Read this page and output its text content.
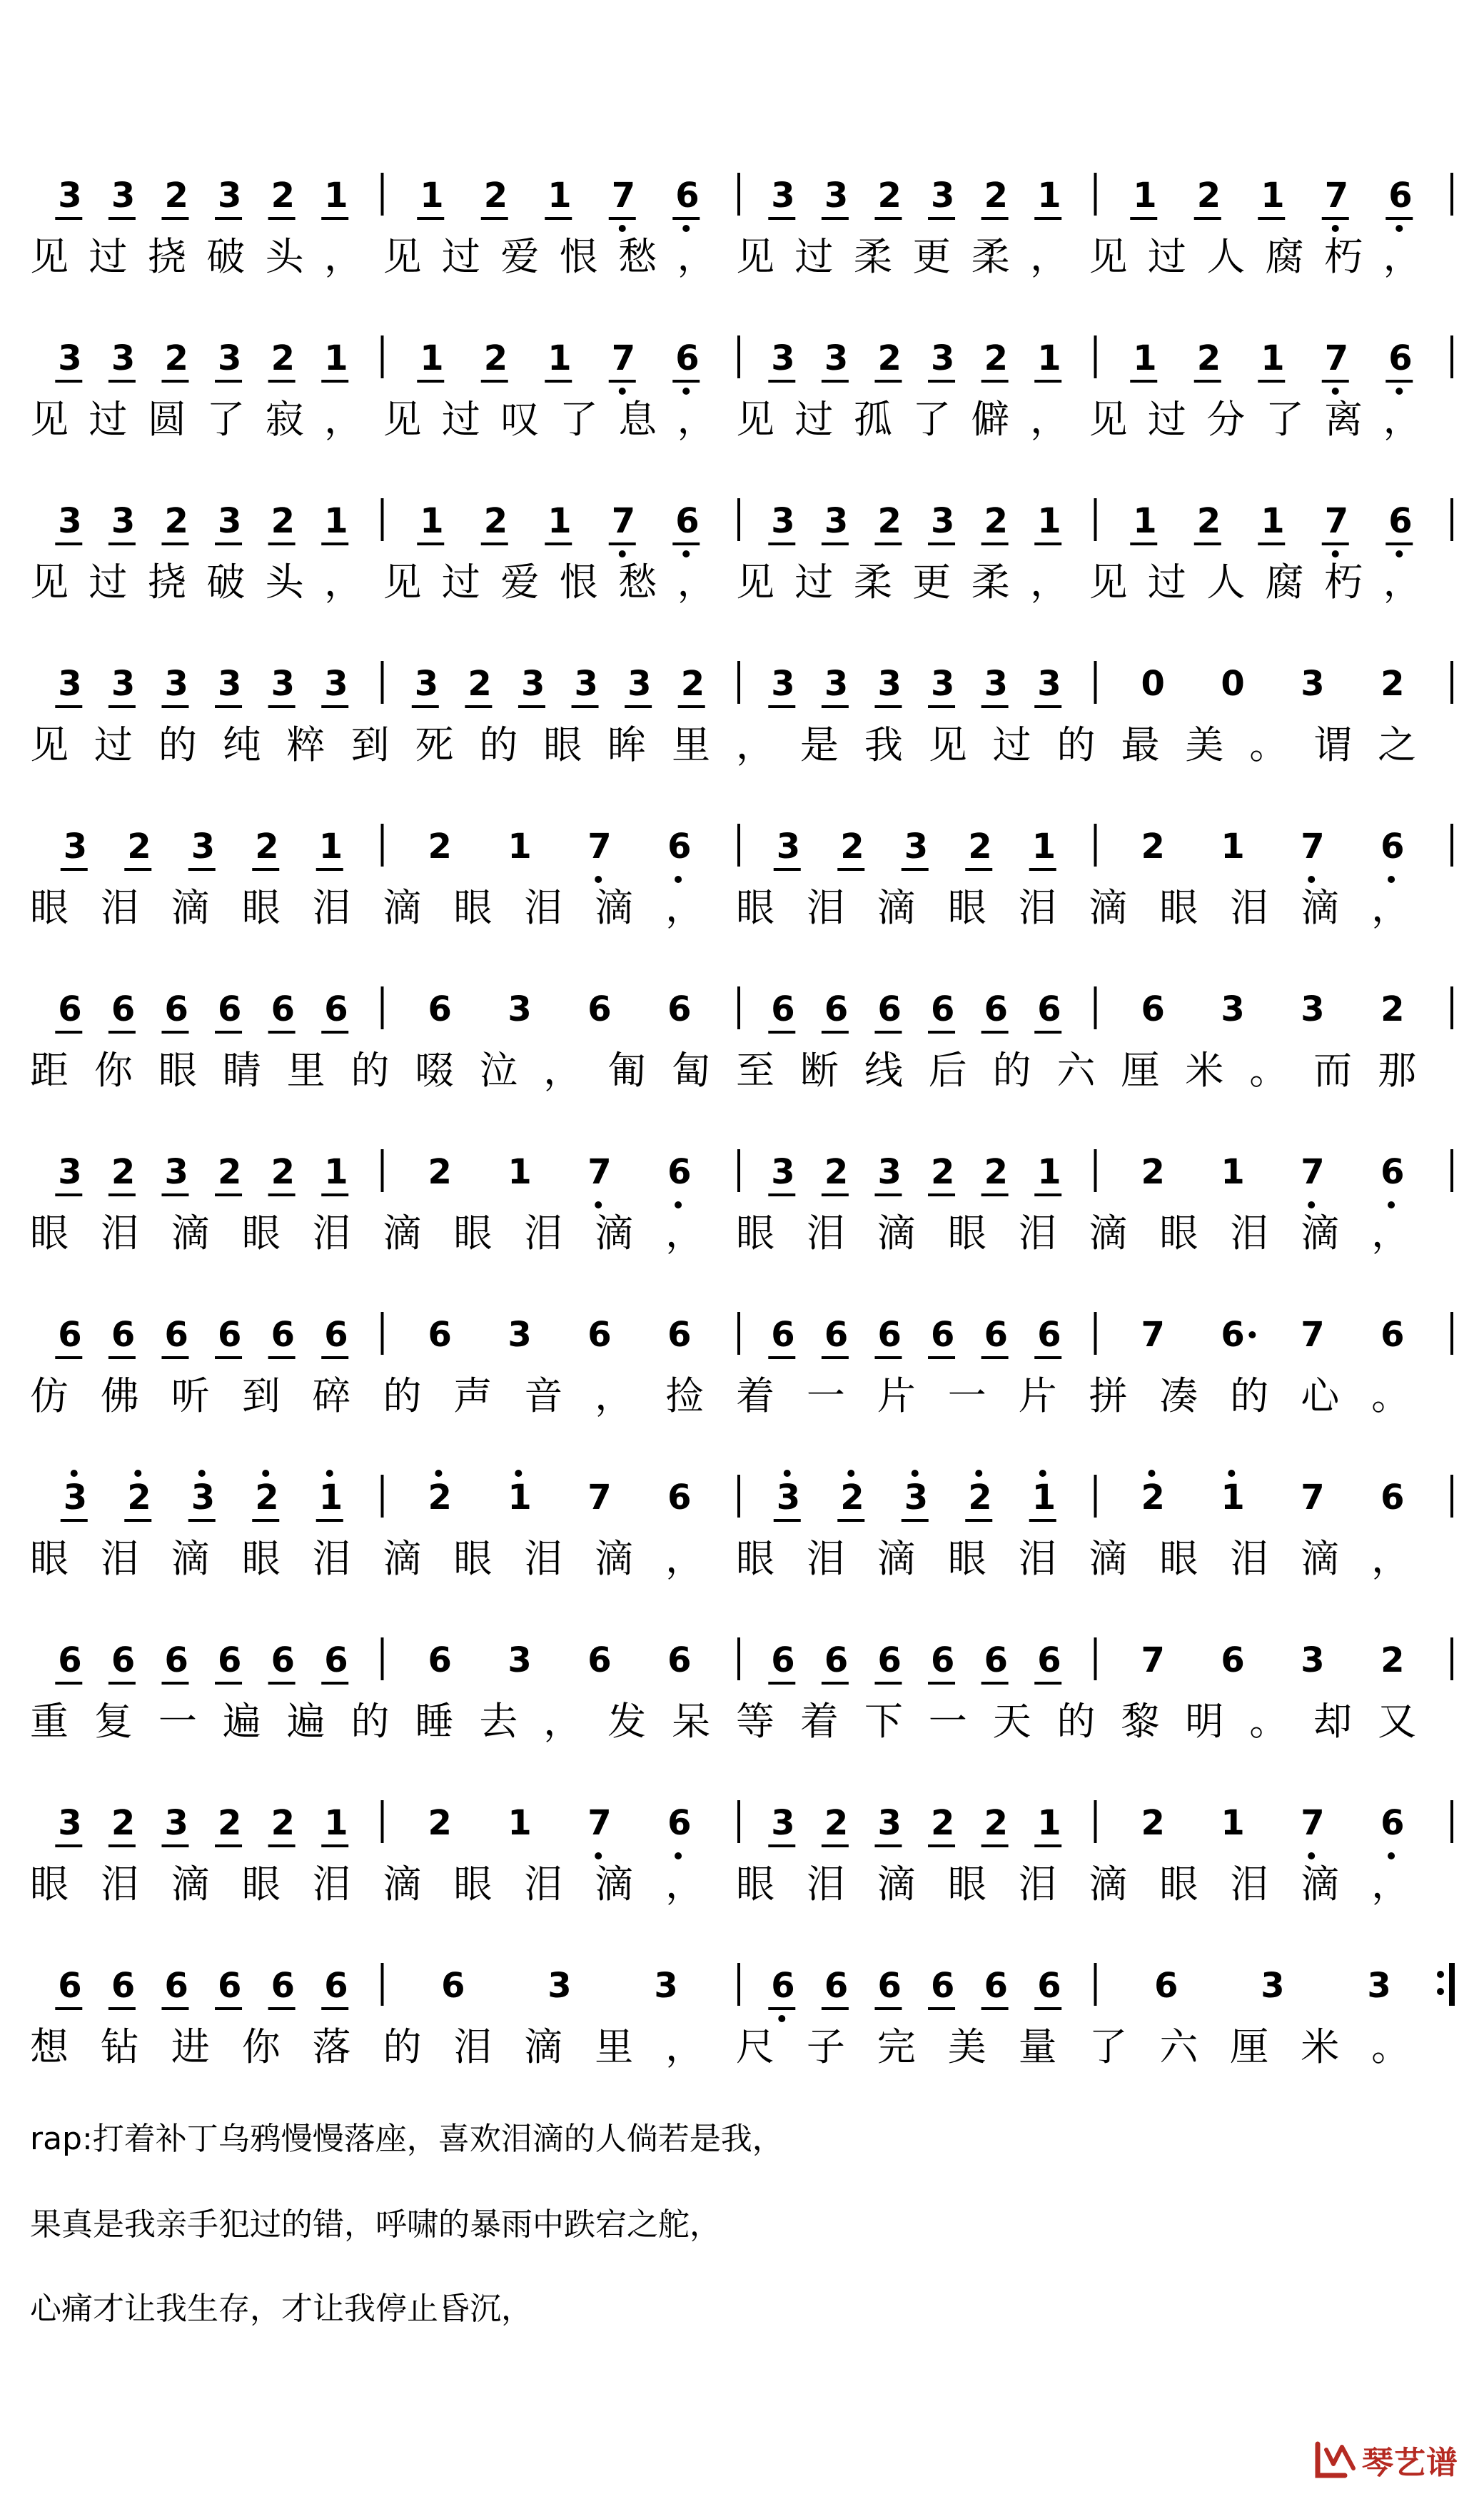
3 3 2 3 2 1 1 2 1 7 6 3 3 2 3 2 1 1 2 1 7 6
见 过 挠 破 头 ， 见 过 爱 恨 愁 ， 见 过 柔 更 柔 ， 见 过 人 腐 朽 ，
3 3 2 3 2 1 1 2 1 7 6 3 3 2 3 2 1 1 2 1 7 6
见 过 圆 了 寂 ， 见 过 叹 了 息 ， 见 过 孤 了 僻 ， 见 过 分 了 离 ，
3 3 2 3 2 1 1 2 1 7 6 3 3 2 3 2 1 1 2 1 7 6
见 过 挠 破 头 ， 见 过 爱 恨 愁 ， 见 过 柔 更 柔 ， 见 过 人 腐 朽 ，
3 3 3 3 3 3 3 2 3 3 3 2 3 3 3 3 3 3 0 0 3 2
见 过 的 纯 粹 到 死 的 眼 眸 里 ， 是 我 见 过 的 最 美 。 谓 之
3 2 3 2 1 2 1 7 6 3 2 3 2 1 2 1 7 6
眼 泪 滴 眼 泪 滴 眼 泪 滴 ， 眼 泪 滴 眼 泪 滴 眼 泪 滴 ，
6 6 6 6 6 6 6 3 6 6 6 6 6 6 6 6 6 3 3 2
距 你 眼 睛 里 的 啜 泣 ， 匍 匐 至 断 线 后 的 六 厘 米 。 而 那
3 2 3 2 2 1 2 1 7 6 3 2 3 2 2 1 2 1 7 6
眼 泪 滴 眼 泪 滴 眼 泪 滴 ， 眼 泪 滴 眼 泪 滴 眼 泪 滴 ，
6 6 6 6 6 6 6 3 6 6 6 6 6 6 6 6 7 6 7 6
仿 佛 听 到 碎 的 声 音 ， 捡 着 一 片 一 片 拼 凑 的 心 。
3 2 3 2 1 2 1 7 6 3 2 3 2 1 2 1 7 6
眼 泪 滴 眼 泪 滴 眼 泪 滴 ， 眼 泪 滴 眼 泪 滴 眼 泪 滴 ，
6 6 6 6 6 6 6 3 6 6 6 6 6 6 6 6 7 6 3 2
重 复 一 遍 遍 的 睡 去 ， 发 呆 等 着 下 一 天 的 黎 明 。 却 又
3 2 3 2 2 1 2 1 7 6 3 2 3 2 2 1 2 1 7 6
眼 泪 滴 眼 泪 滴 眼 泪 滴 ， 眼 泪 滴 眼 泪 滴 眼 泪 滴 ，
6 6 6 6 6 6	6 3 3	6 6 6 6 6 6	6 3 3
想 钻 进 你 落 的 泪 滴 里 ， 尺 子 完 美 量 了 六 厘 米 。
rap:打着补丁乌鸦慢慢落座，喜欢泪滴的人倘若是我，
果真是我亲手犯过的错，呼啸的暴雨中跌宕之舵，
心痛才让我生存，才让我停止昏沉，
琴艺谱
